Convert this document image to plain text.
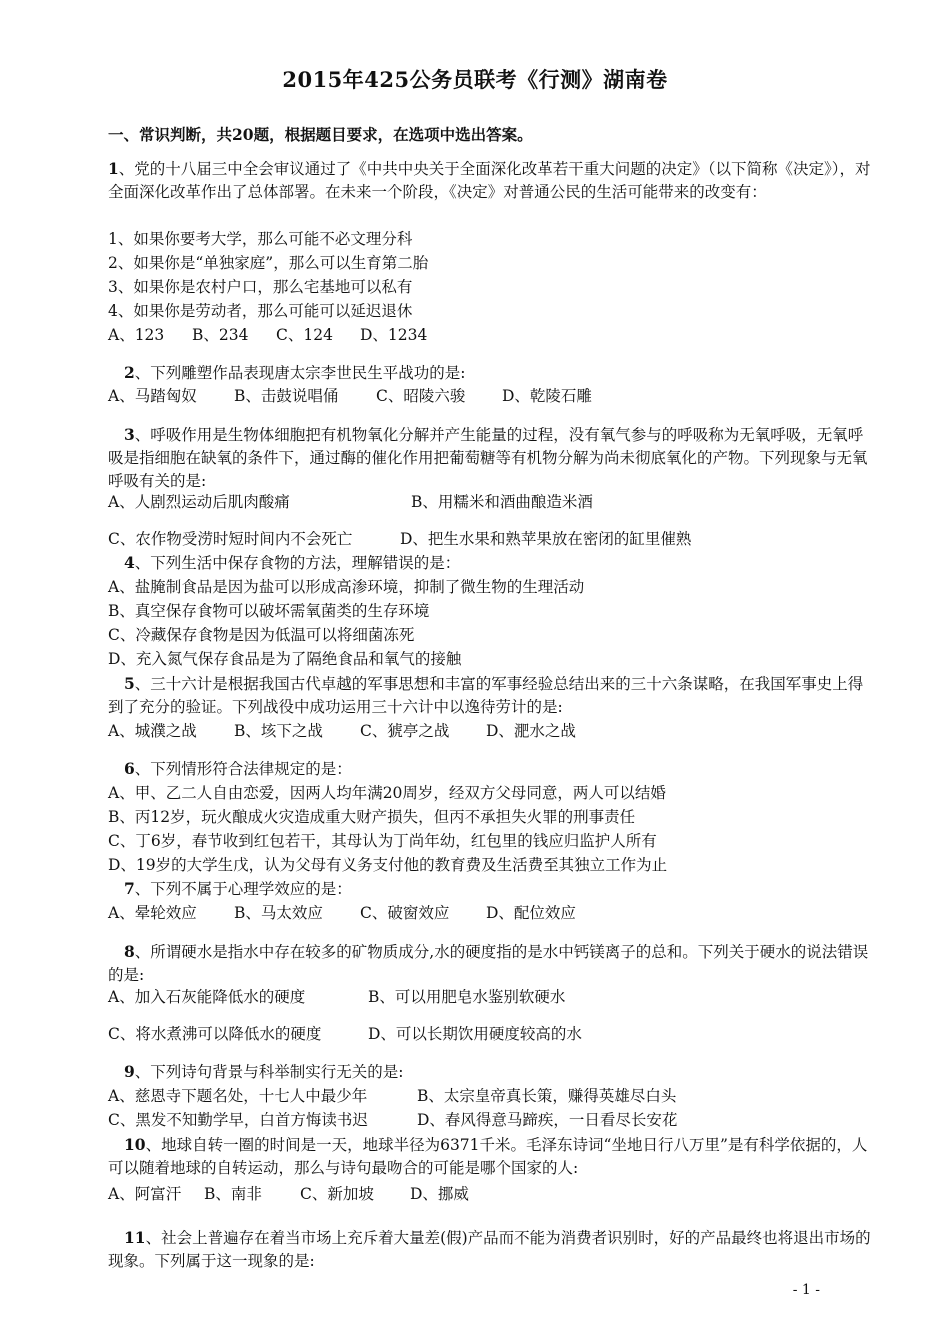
2015年425公务员联考《行测》湖南卷
一、常识判断，共20题，根据题目要求，在选项中选出答案。
1、党的十八届三中全会审议通过了《中共中央关于全面深化改革若干重大问题的决定》（以下简称《决定》），对全面深化改革作出了总体部署。在未来一个阶段，《决定》对普通公民的生活可能带来的改变有：
1、如果你要考大学，那么可能不必文理分科
2、如果你是“单独家庭”，那么可以生育第二胎
3、如果你是农村户口，那么宅基地可以私有
4、如果你是劳动者，那么可能可以延迟退休
A、123 B、234 C、124 D、1234
2、下列雕塑作品表现唐太宗李世民生平战功的是:
A、马踏匈奴 B、击鼓说唱俑 C、昭陵六骏 D、乾陵石雕
3、呼吸作用是生物体细胞把有机物氧化分解并产生能量的过程，没有氧气参与的呼吸称为无氧呼吸，无氧呼吸是指细胞在缺氧的条件下，通过酶的催化作用把葡萄糖等有机物分解为尚未彻底氧化的产物。下列现象与无氧呼吸有关的是:
A、人剧烈运动后肌肉酸痛	B、用糯米和酒曲酿造米酒
C、农作物受涝时短时间内不会死亡	D、把生水果和熟苹果放在密闭的缸里催熟
4、下列生活中保存食物的方法，理解错误的是：
A、盐腌制食品是因为盐可以形成高渗环境，抑制了微生物的生理活动
B、真空保存食物可以破坏需氧菌类的生存环境
C、冷藏保存食物是因为低温可以将细菌冻死
D、充入氮气保存食品是为了隔绝食品和氧气的接触
5、三十六计是根据我国古代卓越的军事思想和丰富的军事经验总结出来的三十六条谋略，在我国军事史上得到了充分的验证。下列战役中成功运用三十六计中以逸待劳计的是:
A、城濮之战 B、垓下之战 C、猇亭之战 D、淝水之战
6、下列情形符合法律规定的是：
A、甲、乙二人自由恋爱，因两人均年满20周岁，经双方父母同意，两人可以结婚
B、丙12岁，玩火酿成火灾造成重大财产损失，但丙不承担失火罪的刑事责任
C、丁6岁，春节收到红包若干，其母认为丁尚年幼，红包里的钱应归监护人所有
D、19岁的大学生戊，认为父母有义务支付他的教育费及生活费至其独立工作为止
7、下列不属于心理学效应的是：
A、晕轮效应 B、马太效应 C、破窗效应 D、配位效应
8、所谓硬水是指水中存在较多的矿物质成分,水的硬度指的是水中钙镁离子的总和。下列关于硬水的说法错误的是:
A、加入石灰能降低水的硬度	B、可以用肥皂水鉴别软硬水
C、将水煮沸可以降低水的硬度	D、可以长期饮用硬度较高的水
9、下列诗句背景与科举制实行无关的是:
A、慈恩寺下题名处，十七人中最少年	B、太宗皇帝真长策，赚得英雄尽白头
C、黑发不知勤学早，白首方悔读书迟	D、春风得意马蹄疾，一日看尽长安花
10、地球自转一圈的时间是一天，地球半径为6371千米。毛泽东诗词“坐地日行八万里”是有科学依据的，人可以随着地球的自转运动，那么与诗句最吻合的可能是哪个国家的人:
A、阿富汗 B、南非 C、新加坡 D、挪威
11、社会上普遍存在着当市场上充斥着大量差(假)产品而不能为消费者识别时，好的产品最终也将退出市场的现象。下列属于这一现象的是:
- 1 -
